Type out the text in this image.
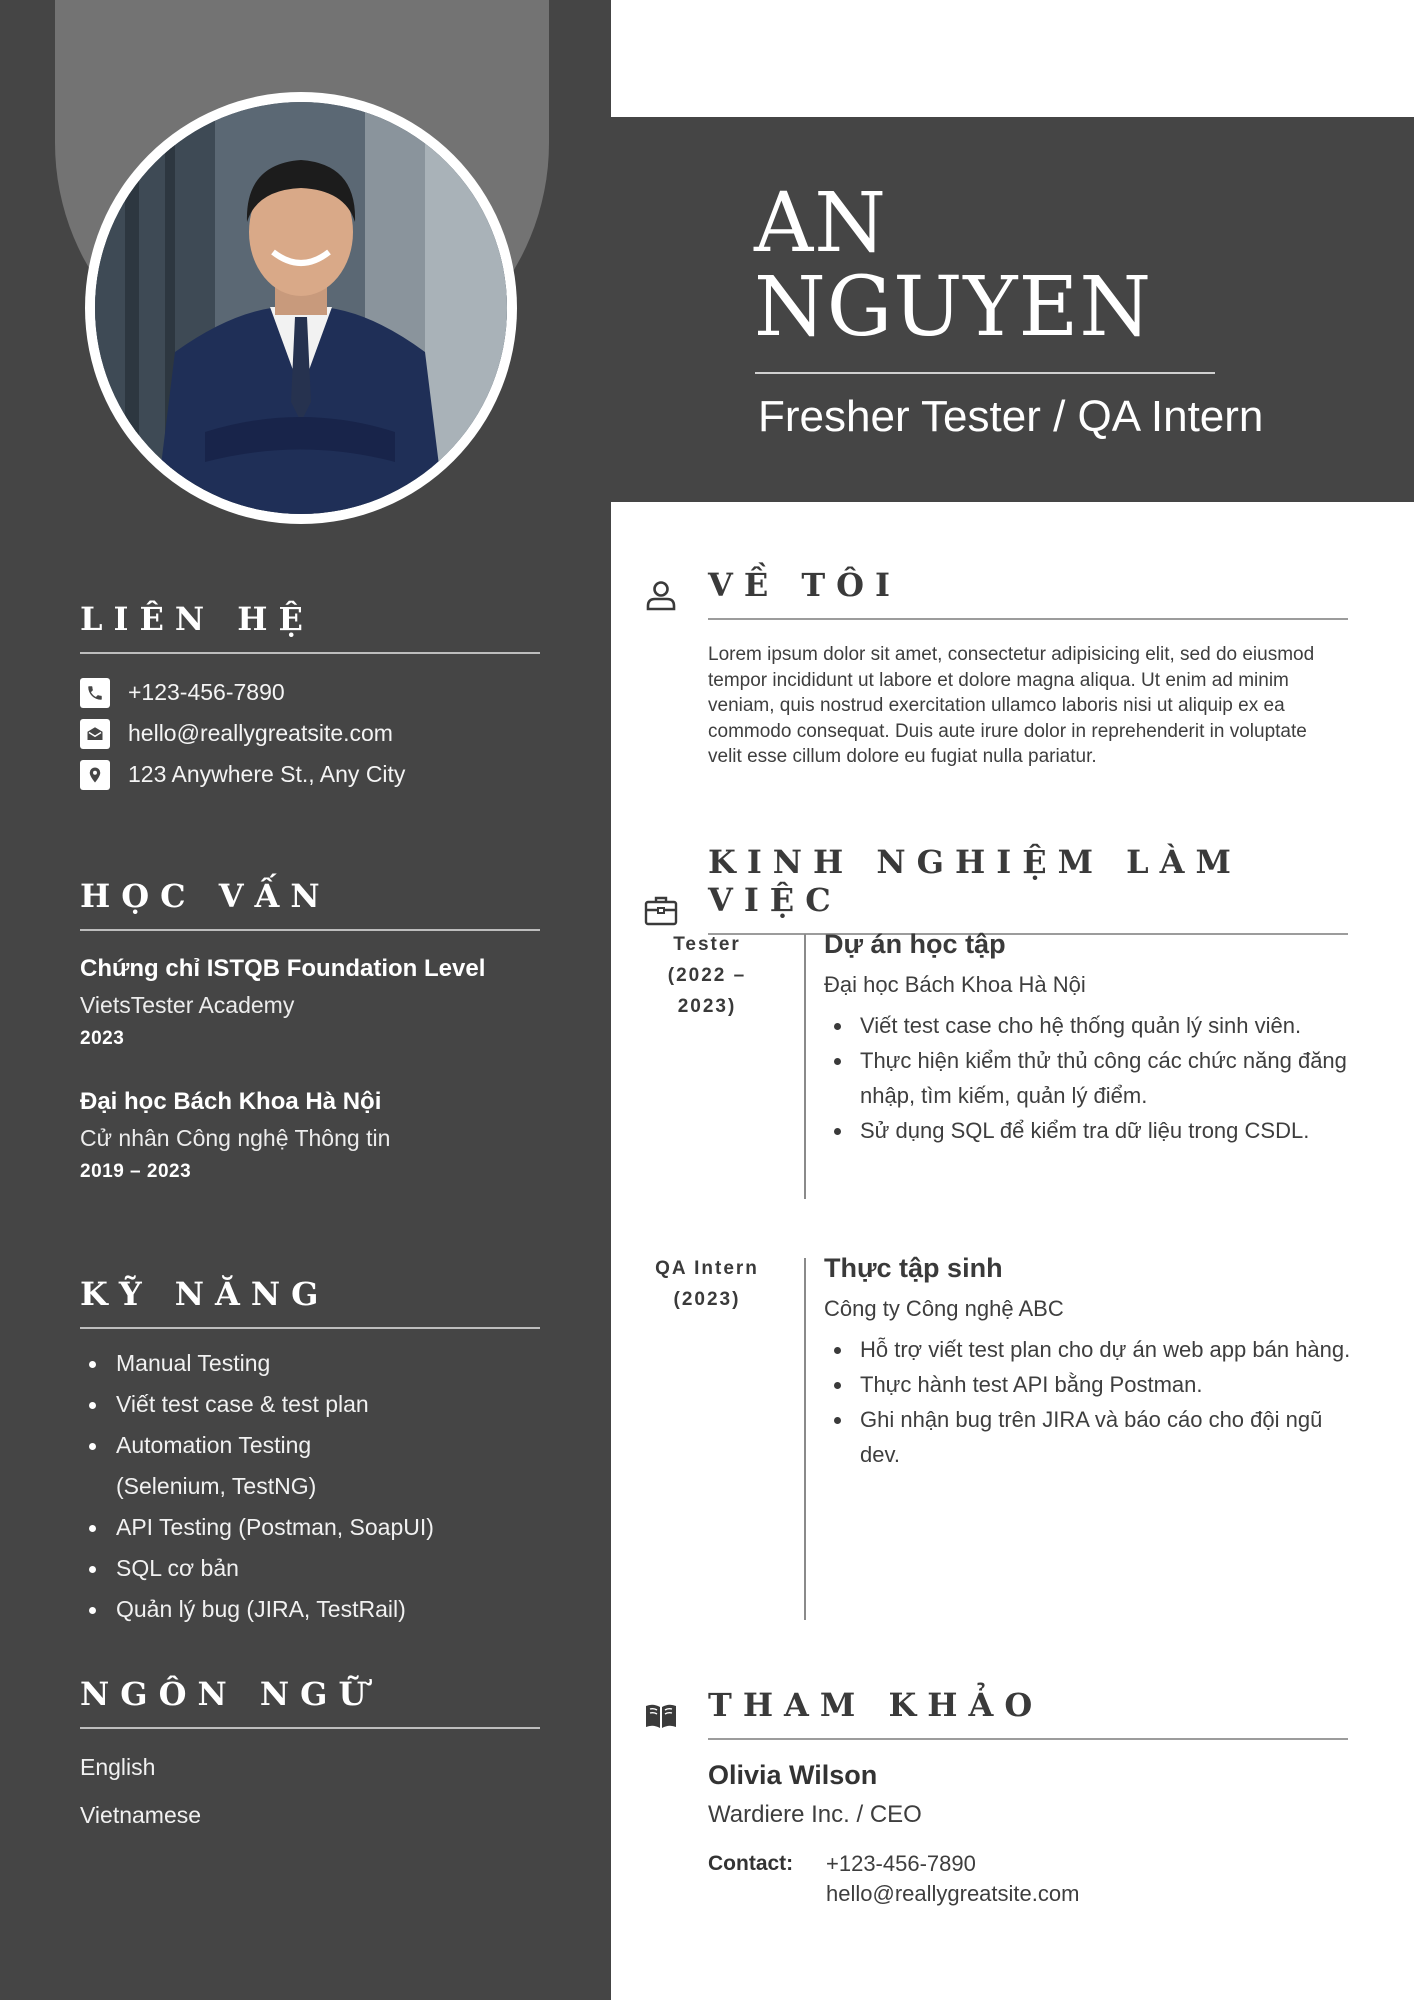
LIÊN HỆ
+123-456-7890
hello@reallygreatsite.com
123 Anywhere St., Any City
HỌC VẤN
Chứng chỉ ISTQB Foundation Level
VietsTester Academy
2023
Đại học Bách Khoa Hà Nội
Cử nhân Công nghệ Thông tin
2019 – 2023
KỸ NĂNG
Manual Testing
Viết test case & test plan
Automation Testing
(Selenium, TestNG)
API Testing (Postman, SoapUI)
SQL cơ bản
Quản lý bug (JIRA, TestRail)
NGÔN NGỮ
English
Vietnamese
AN
NGUYEN
Fresher Tester / QA Intern
VỀ TÔI

Lorem ipsum dolor sit amet, consectetur adipisicing elit, sed do eiusmod tempor incididunt ut labore et dolore magna aliqua. Ut enim ad minim veniam, quis nostrud exercitation ullamco laboris nisi ut aliquip ex ea commodo consequat. Duis aute irure dolor in reprehenderit in voluptate velit esse cillum dolore eu fugiat nulla pariatur.

KINH NGHIỆM LÀM VIỆC
Tester
(2022 –
2023)
Dự án học tập
Đại học Bách Khoa Hà Nội
Viết test case cho hệ thống quản lý sinh viên.
Thực hiện kiểm thử thủ công các chức năng đăng nhập, tìm kiếm, quản lý điểm.
Sử dụng SQL để kiểm tra dữ liệu trong CSDL.
QA Intern
(2023)
Thực tập sinh
Công ty Công nghệ ABC
Hỗ trợ viết test plan cho dự án web app bán hàng.
Thực hành test API bằng Postman.
Ghi nhận bug trên JIRA và báo cáo cho đội ngũ dev.
THAM KHẢO
Olivia Wilson
Wardiere Inc. / CEO
Contact:	+123-456-7890
hello@reallygreatsite.com
